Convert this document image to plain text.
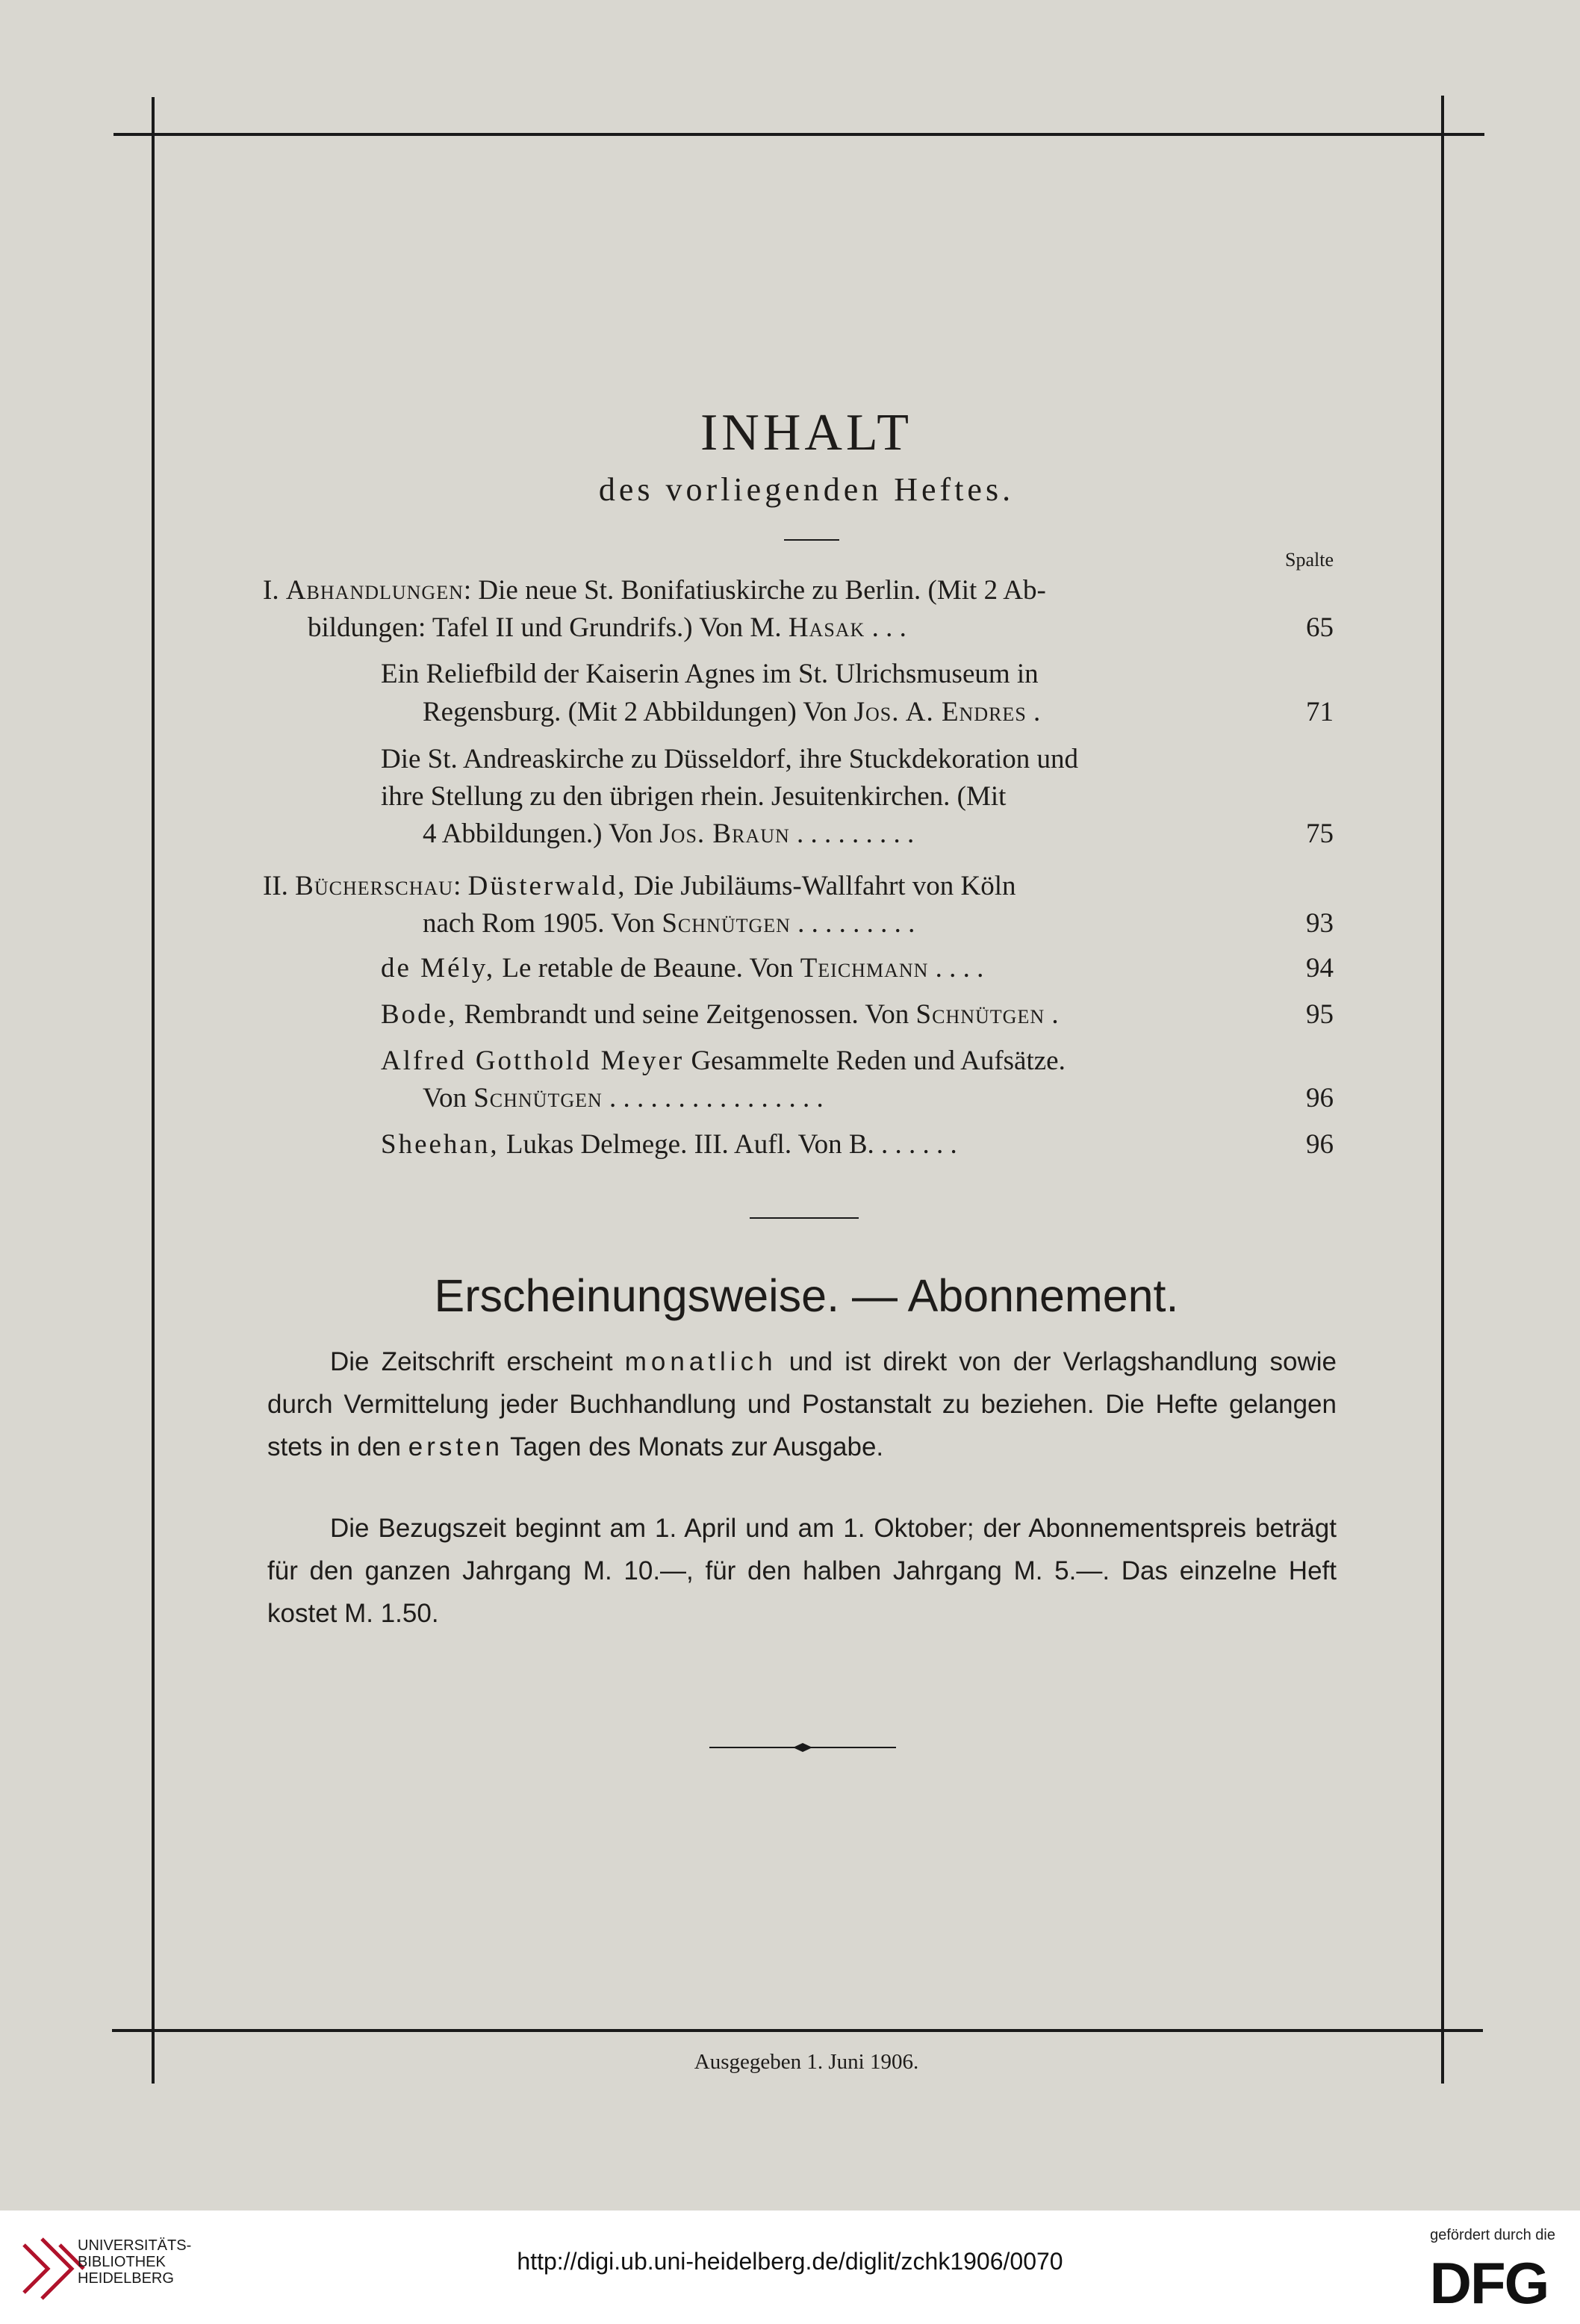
INHALT
des vorliegenden Heftes.
Spalte
I. Abhandlungen: Die neue St. Bonifatiuskirche zu Berlin. (Mit 2 Ab-
bildungen: Tafel II und Grundrifs.) Von M. Hasak . . .	65
Ein Reliefbild der Kaiserin Agnes im St. Ulrichsmuseum in
Regensburg. (Mit 2 Abbildungen) Von Jos. A. Endres .	71
Die St. Andreaskirche zu Düsseldorf, ihre Stuckdekoration und
ihre Stellung zu den übrigen rhein. Jesuitenkirchen. (Mit
4 Abbildungen.) Von Jos. Braun . . . . . . . . .	75
II. Bücherschau: Düsterwald, Die Jubiläums-Wallfahrt von Köln
nach Rom 1905. Von Schnütgen . . . . . . . . .	93
de Mély, Le retable de Beaune. Von Teichmann . . . .	94
Bode, Rembrandt und seine Zeitgenossen. Von Schnütgen .	95
Alfred Gotthold Meyer Gesammelte Reden und Aufsätze.
Von Schnütgen . . . . . . . . . . . . . . . .	96
Sheehan, Lukas Delmege. III. Aufl. Von B. . . . . . .	96
Erscheinungsweise. — Abonnement.

Die Zeitschrift erscheint monatlich und ist direkt von der Verlagshandlung sowie durch Vermittelung jeder Buchhandlung und Postanstalt zu beziehen. Die Hefte gelangen stets in den ersten Tagen des Monats zur Ausgabe.

Die Bezugszeit beginnt am 1. April und am 1. Oktober; der Abonnementspreis beträgt für den ganzen Jahrgang M. 10.—, für den halben Jahrgang M. 5.—. Das einzelne Heft kostet M. 1.50.

Ausgegeben 1. Juni 1906.
UNIVERSITÄTS-
BIBLIOTHEK
HEIDELBERG
http://digi.ub.uni-heidelberg.de/diglit/zchk1906/0070
gefördert durch die
DFG
